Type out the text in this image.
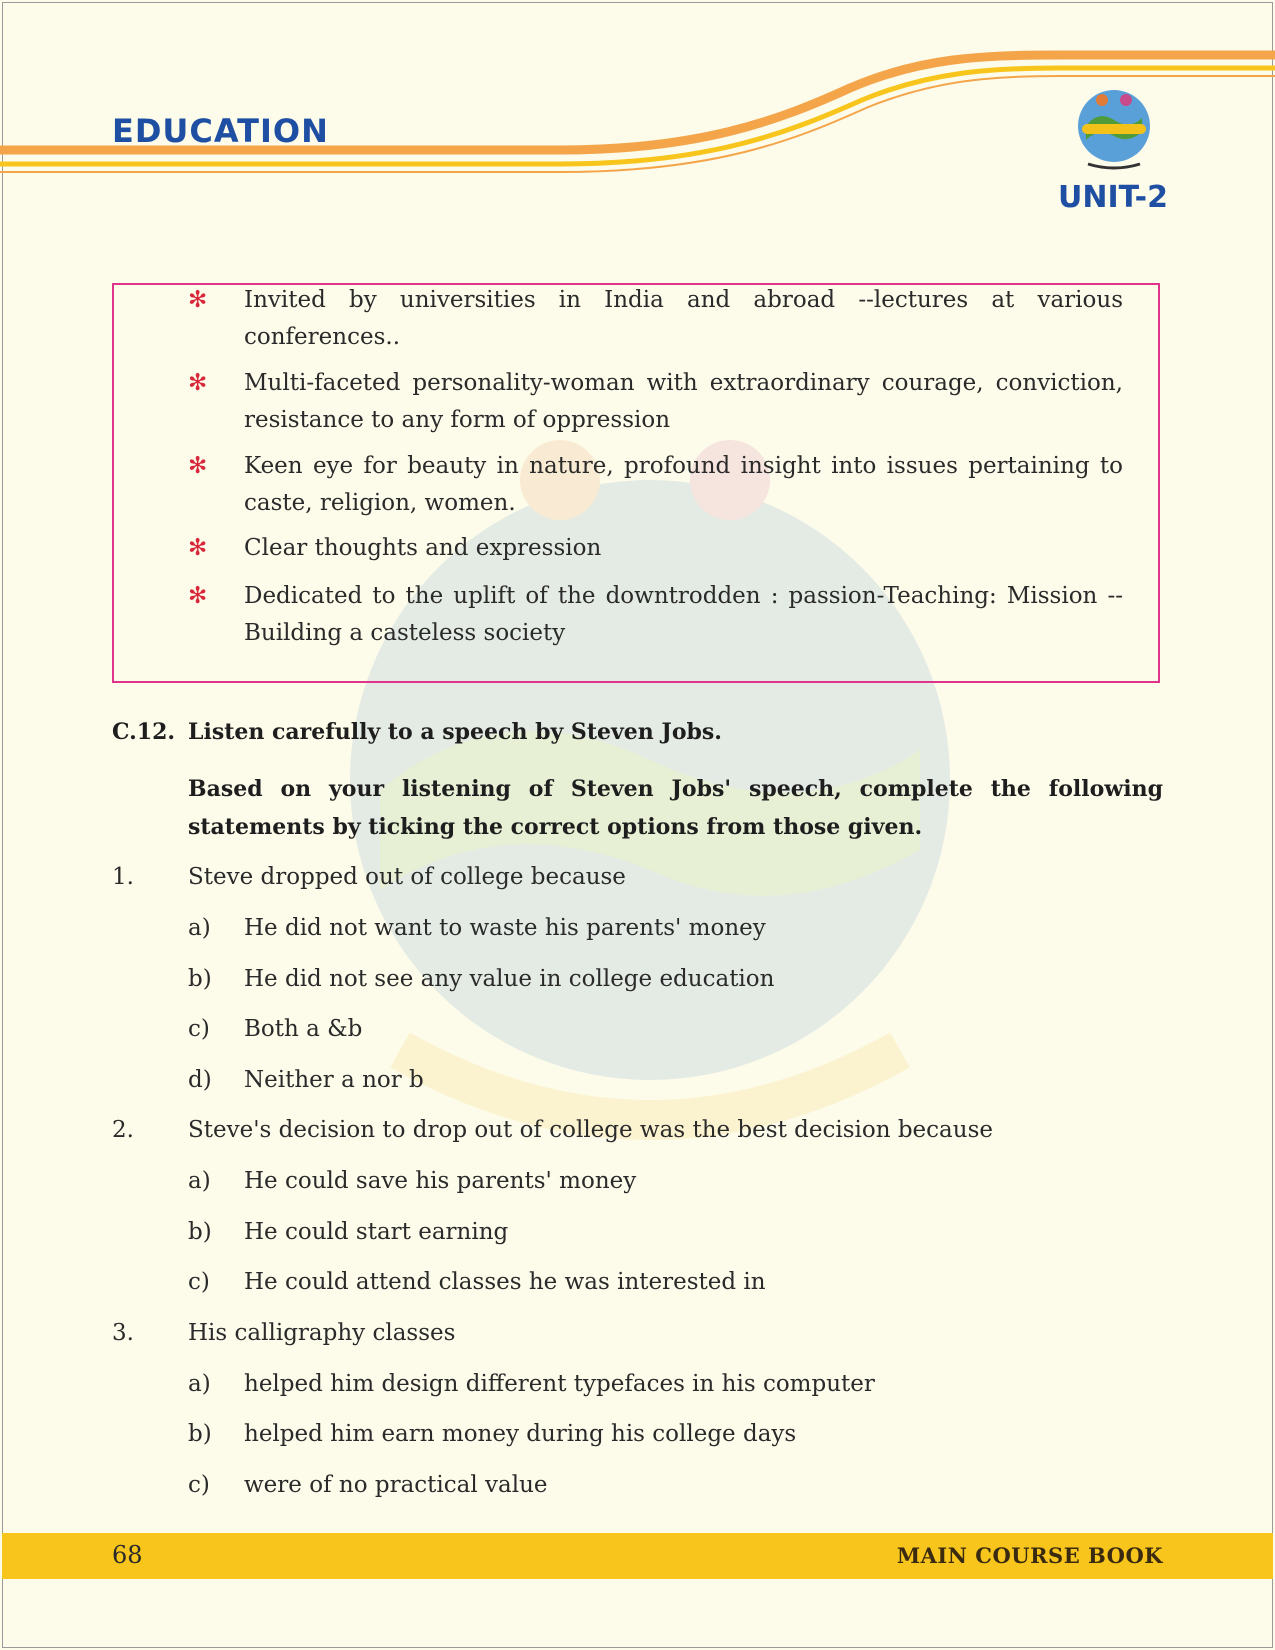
EDUCATION
UNIT-2
✻ Invited by universities in India and abroad --lectures at various conferences..
✻ Multi-faceted personality-woman with extraordinary courage, conviction, resistance to any form of oppression
✻ Keen eye for beauty in nature, profound insight into issues pertaining to caste, religion, women.
✻ Clear thoughts and expression
✻ Dedicated to the uplift of the downtrodden : passion-Teaching: Mission -- Building a casteless society
C.12. Listen carefully to a speech by Steven Jobs.
Based on your listening of Steven Jobs' speech, complete the following statements by ticking the correct options from those given.
1. Steve dropped out of college because
a) He did not want to waste his parents' money
b) He did not see any value in college education
c) Both a &b
d) Neither a nor b
2. Steve's decision to drop out of college was the best decision because
a) He could save his parents' money
b) He could start earning
c) He could attend classes he was interested in
3. His calligraphy classes
a) helped him design different typefaces in his computer
b) helped him earn money during his college days
c) were of no practical value
68	MAIN COURSE BOOK
